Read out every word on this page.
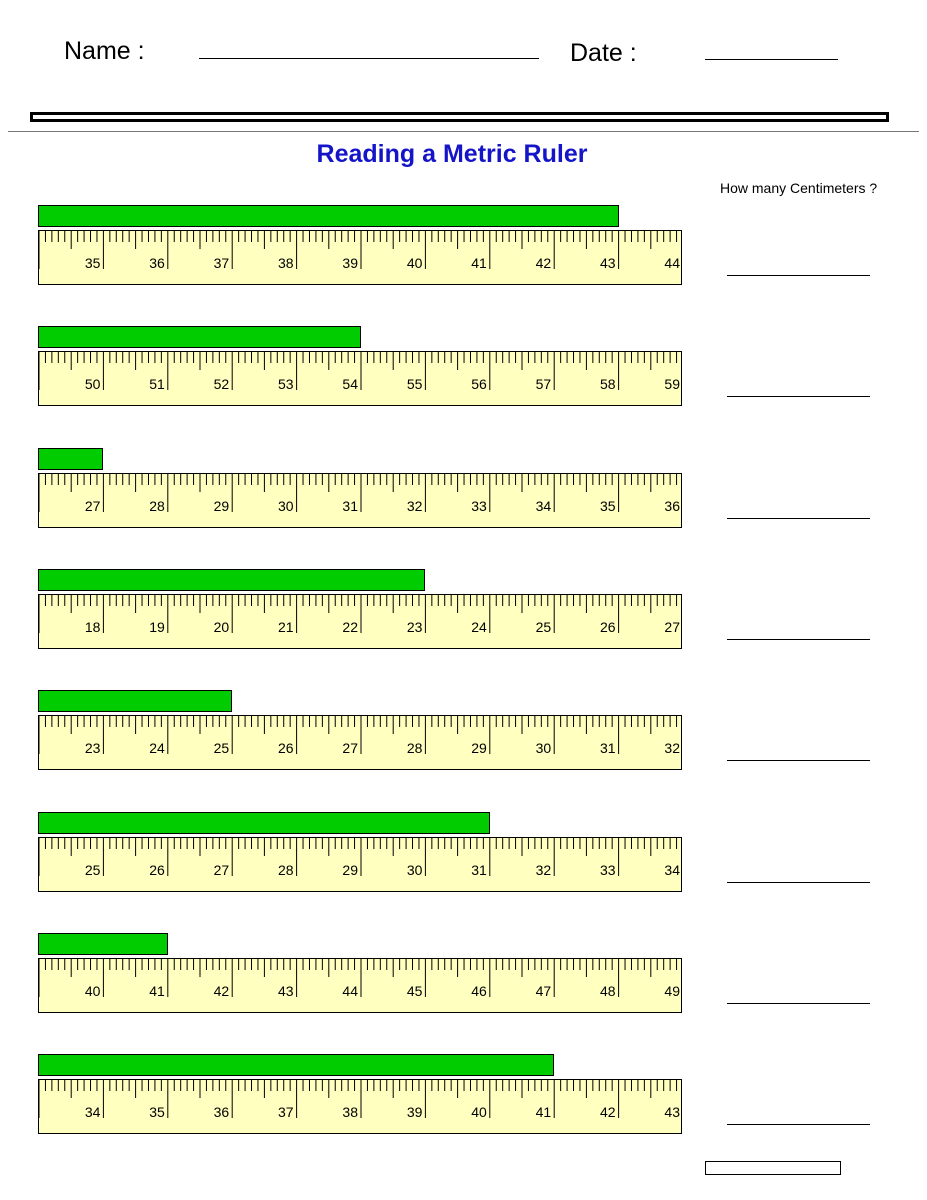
Name :	Date :
Reading a Metric Ruler
How many Centimeters ?
35	36	37	38	39	40	41	42	43	44
50	51	52	53	54	55	56	57	58	59
27	28	29	30	31	32	33	34	35	36
18	19	20	21	22	23	24	25	26	27
23	24	25	26	27	28	29	30	31	32
25	26	27	28	29	30	31	32	33	34
40	41	42	43	44	45	46	47	48	49
34	35	36	37	38	39	40	41	42	43
